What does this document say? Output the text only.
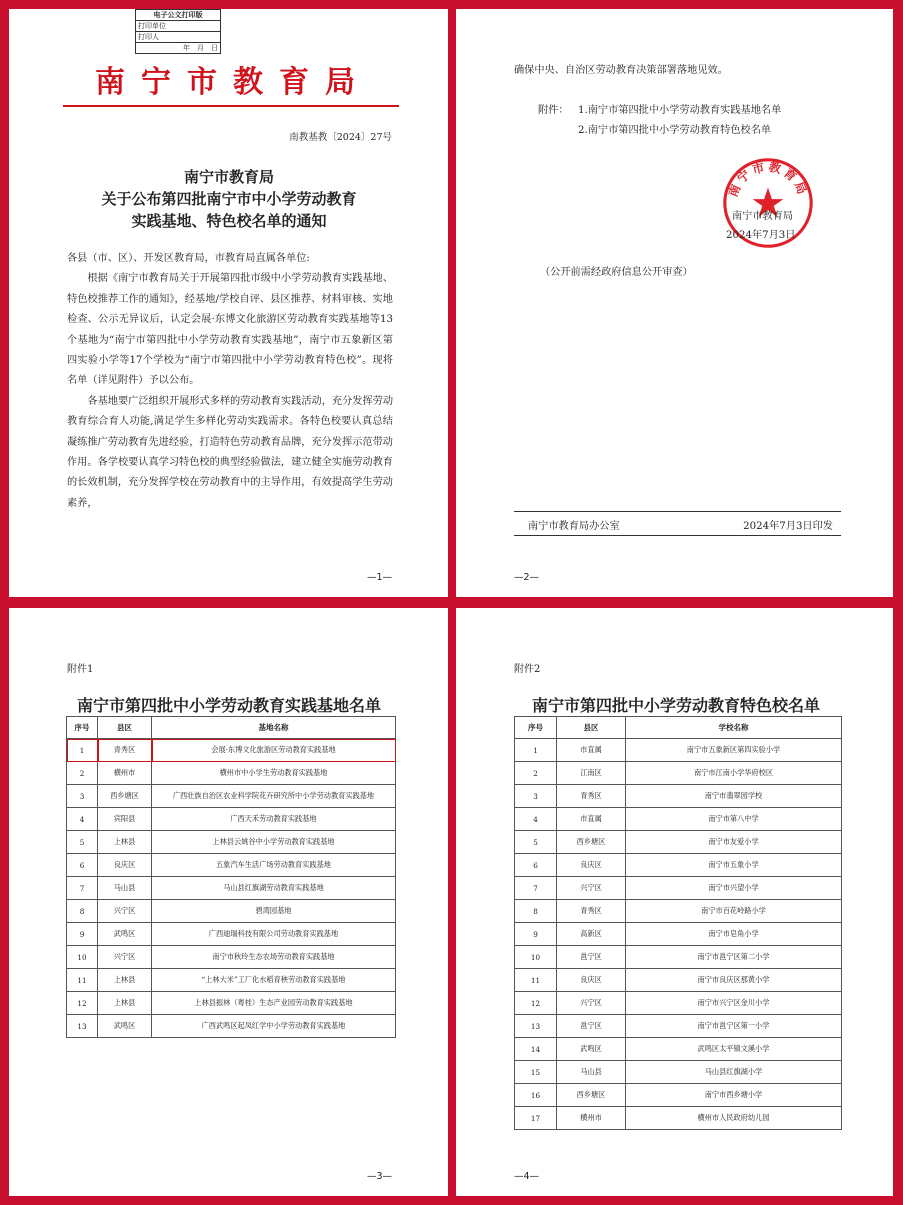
电子公文打印版
打印单位
打印人
年　月　日
南宁市教育局
南教基教〔2024〕27号
南宁市教育局
关于公布第四批南宁市中小学劳动教育
实践基地、特色校名单的通知

各县（市、区）、开发区教育局，市教育局直属各单位:

根据《南宁市教育局关于开展第四批市级中小学劳动教育实践基地、特色校推荐工作的通知》，经基地/学校自评、县区推荐、材料审核、实地检查、公示无异议后，认定会展·东博文化旅游区劳动教育实践基地等13个基地为“南宁市第四批中小学劳动教育实践基地”，南宁市五象新区第四实验小学等17个学校为“南宁市第四批中小学劳动教育特色校”。现将名单（详见附件）予以公布。

各基地要广泛组织开展形式多样的劳动教育实践活动，充分发挥劳动教育综合育人功能,满足学生多样化劳动实践需求。各特色校要认真总结凝练推广劳动教育先进经验，打造特色劳动教育品牌，充分发挥示范带动作用。各学校要认真学习特色校的典型经验做法，建立健全实施劳动教育的长效机制，充分发挥学校在劳动教育中的主导作用，有效提高学生劳动素养，

—1—
确保中央、自治区劳动教育决策部署落地见效。
附件： 1.南宁市第四批中小学劳动教育实践基地名单
2.南宁市第四批中小学劳动教育特色校名单
南宁市教育局
南宁市教育局
2024年7月3日
（公开前需经政府信息公开审查）
南宁市教育局办公室	2024年7月3日印发
—2—
附件1
南宁市第四批中小学劳动教育实践基地名单
序号	县区	基地名称
1	青秀区	会展·东博文化旅游区劳动教育实践基地
2	横州市	横州市中小学生劳动教育实践基地
3	西乡塘区	广西壮族自治区农业科学院花卉研究所中小学劳动教育实践基地
4	宾阳县	广西天禾劳动教育实践基地
5	上林县	上林县云姚谷中小学劳动教育实践基地
6	良庆区	五象汽车生活广场劳动教育实践基地
7	马山县	马山县红旗湖劳动教育实践基地
8	兴宁区	碧湾园基地
9	武鸣区	广西迪瑞科技有限公司劳动教育实践基地
10	兴宁区	南宁市秋玲生态农场劳动教育实践基地
11	上林县	“上林大米”工厂化水稻育秧劳动教育实践基地
12	上林县	上林县振林（粤桂）生态产业园劳动教育实践基地
13	武鸣区	广西武鸣区起凤红学中小学劳动教育实践基地
—3—
附件2
南宁市第四批中小学劳动教育特色校名单
序号	县区	学校名称
1	市直属	南宁市五象新区第四实验小学
2	江南区	南宁市江南小学华府校区
3	青秀区	南宁市翡翠园学校
4	市直属	南宁市第八中学
5	西乡塘区	南宁市友爱小学
6	良庆区	南宁市五象小学
7	兴宁区	南宁市兴望小学
8	青秀区	南宁市百花岭路小学
9	高新区	南宁市皂角小学
10	邕宁区	南宁市邕宁区第二小学
11	良庆区	南宁市良庆区那黄小学
12	兴宁区	南宁市兴宁区金川小学
13	邕宁区	南宁市邕宁区第一小学
14	武鸣区	武鸣区太平镇文溪小学
15	马山县	马山县红旗湖小学
16	西乡塘区	南宁市西乡塘小学
17	横州市	横州市人民政府幼儿园
—4—
